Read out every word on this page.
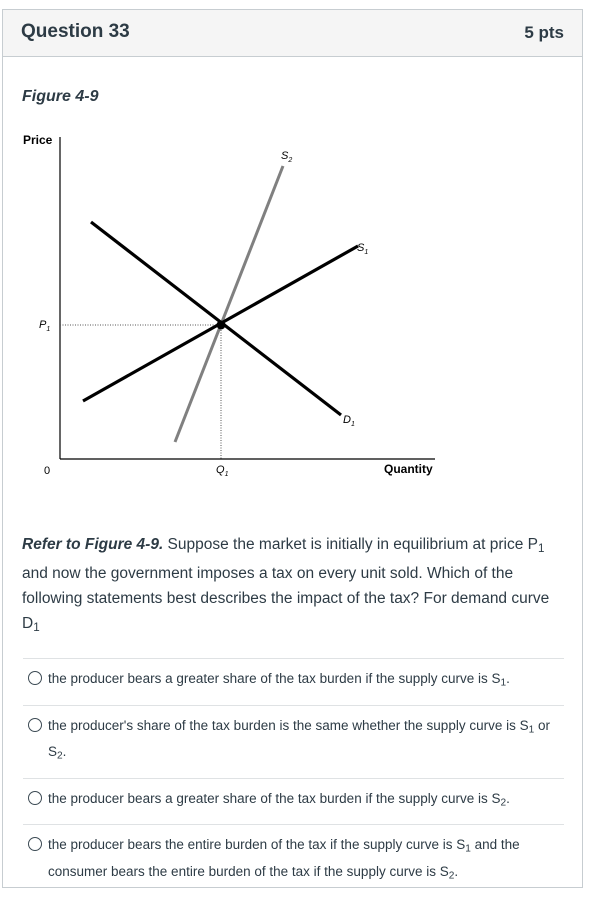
Question 33	5 pts
Figure 4-9
Price
Quantity
0
$P_1$
$Q_1$
$S_2$
$S_1$
$D_1$
Refer to Figure 4-9. Suppose the market is initially in equilibrium at price $P_1$ and now the government imposes a tax on every unit sold. Which of the following statements best describes the impact of the tax? For demand curve $D_1$
the producer bears a greater share of the tax burden if the supply curve is $S_1$.
the producer's share of the tax burden is the same whether the supply curve is $S_1$ or $S_2$.
the producer bears a greater share of the tax burden if the supply curve is $S_2$.
the producer bears the entire burden of the tax if the supply curve is $S_1$ and the consumer bears the entire burden of the tax if the supply curve is $S_2$.
